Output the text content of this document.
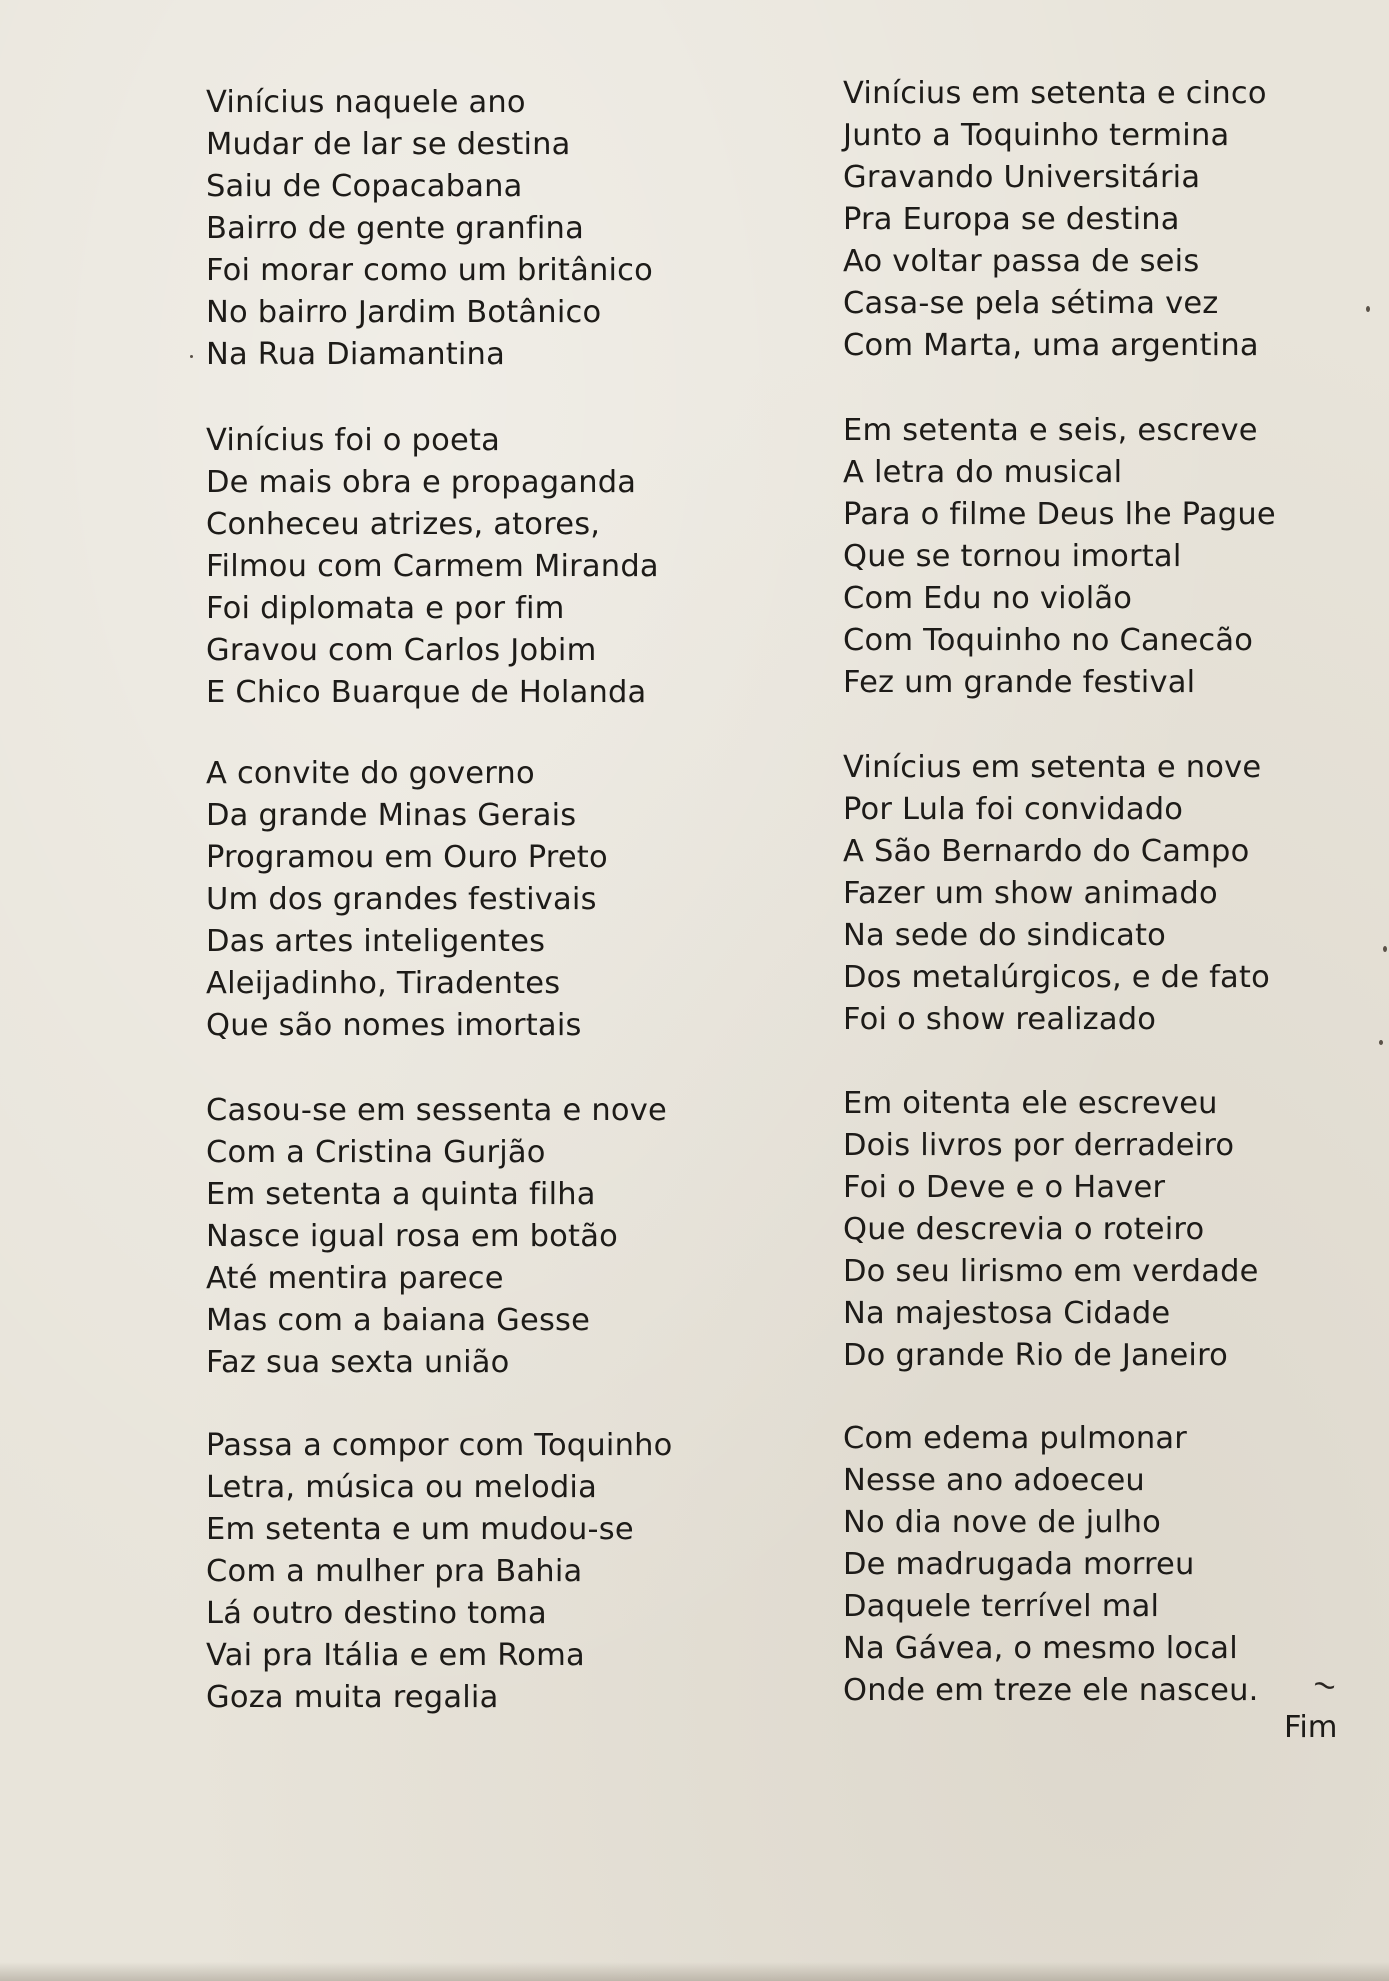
Vinícius naquele ano
Mudar de lar se destina
Saiu de Copacabana
Bairro de gente granfina
Foi morar como um britânico
No bairro Jardim Botânico
Na Rua Diamantina
Vinícius foi o poeta
De mais obra e propaganda
Conheceu atrizes, atores,
Filmou com Carmem Miranda
Foi diplomata e por fim
Gravou com Carlos Jobim
E Chico Buarque de Holanda
A convite do governo
Da grande Minas Gerais
Programou em Ouro Preto
Um dos grandes festivais
Das artes inteligentes
Aleijadinho, Tiradentes
Que são nomes imortais
Casou-se em sessenta e nove
Com a Cristina Gurjão
Em setenta a quinta filha
Nasce igual rosa em botão
Até mentira parece
Mas com a baiana Gesse
Faz sua sexta união
Passa a compor com Toquinho
Letra, música ou melodia
Em setenta e um mudou-se
Com a mulher pra Bahia
Lá outro destino toma
Vai pra Itália e em Roma
Goza muita regalia
Vinícius em setenta e cinco
Junto a Toquinho termina
Gravando Universitária
Pra Europa se destina
Ao voltar passa de seis
Casa-se pela sétima vez
Com Marta, uma argentina
Em setenta e seis, escreve
A letra do musical
Para o filme Deus lhe Pague
Que se tornou imortal
Com Edu no violão
Com Toquinho no Canecão
Fez um grande festival
Vinícius em setenta e nove
Por Lula foi convidado
A São Bernardo do Campo
Fazer um show animado
Na sede do sindicato
Dos metalúrgicos, e de fato
Foi o show realizado
Em oitenta ele escreveu
Dois livros por derradeiro
Foi o Deve e o Haver
Que descrevia o roteiro
Do seu lirismo em verdade
Na majestosa Cidade
Do grande Rio de Janeiro
Com edema pulmonar
Nesse ano adoeceu
No dia nove de julho
De madrugada morreu
Daquele terrível mal
Na Gávea, o mesmo local
Onde em treze ele nasceu.	∼
Fim
